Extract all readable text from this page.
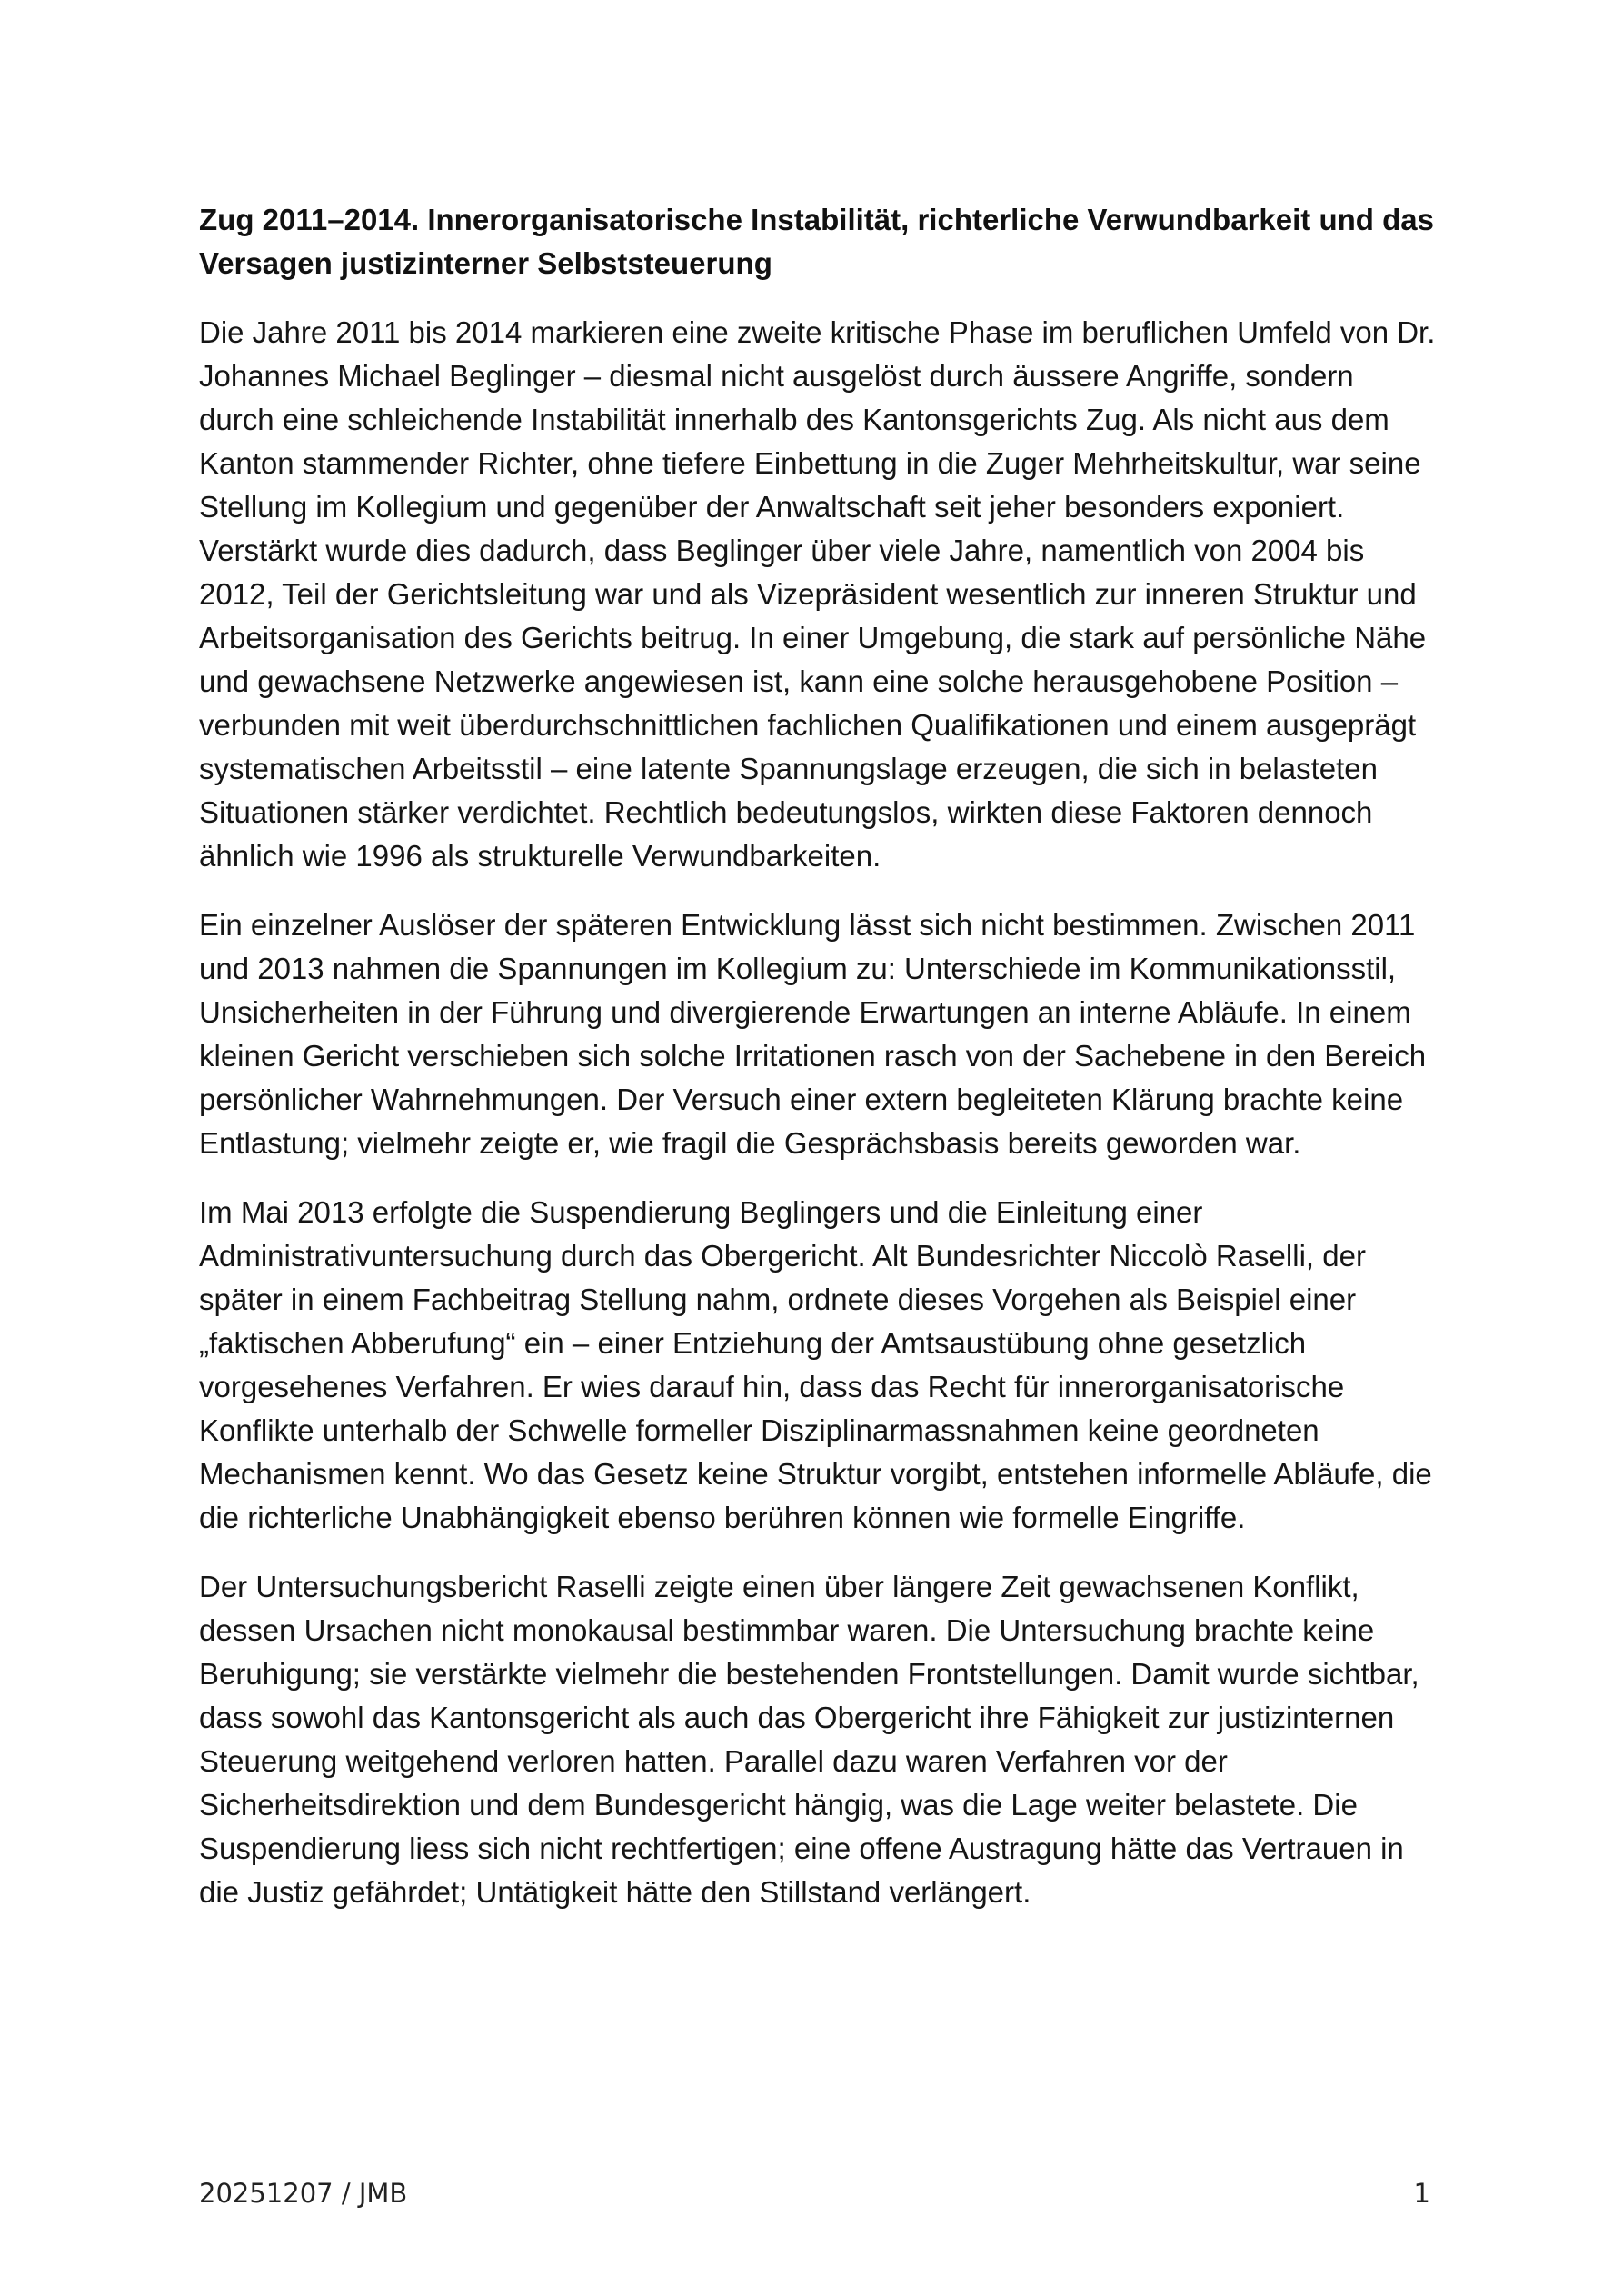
Zug 2011–2014. Innerorganisatorische Instabilität, richterliche Verwundbarkeit und das Versagen justizinterner Selbststeuerung

Die Jahre 2011 bis 2014 markieren eine zweite kritische Phase im beruflichen Umfeld von Dr. Johannes Michael Beglinger – diesmal nicht ausgelöst durch äussere Angriffe, sondern durch eine schleichende Instabilität innerhalb des Kantonsgerichts Zug. Als nicht aus dem Kanton stammender Richter, ohne tiefere Einbettung in die Zuger Mehrheitskultur, war seine Stellung im Kollegium und gegenüber der Anwaltschaft seit jeher besonders exponiert. Verstärkt wurde dies dadurch, dass Beglinger über viele Jahre, namentlich von 2004 bis 2012, Teil der Gerichtsleitung war und als Vizepräsident wesentlich zur inneren Struktur und Arbeitsorganisation des Gerichts beitrug. In einer Umgebung, die stark auf persönliche Nähe und gewachsene Netzwerke angewiesen ist, kann eine solche herausgehobene Position – verbunden mit weit überdurchschnittlichen fachlichen Qualifikationen und einem ausgeprägt systematischen Arbeitsstil – eine latente Spannungslage erzeugen, die sich in belasteten Situationen stärker verdichtet. Rechtlich bedeutungslos, wirkten diese Faktoren dennoch ähnlich wie 1996 als strukturelle Verwundbarkeiten.

Ein einzelner Auslöser der späteren Entwicklung lässt sich nicht bestimmen. Zwischen 2011 und 2013 nahmen die Spannungen im Kollegium zu: Unterschiede im Kommunikationsstil, Unsicherheiten in der Führung und divergierende Erwartungen an interne Abläufe. In einem kleinen Gericht verschieben sich solche Irritationen rasch von der Sachebene in den Bereich persönlicher Wahrnehmungen. Der Versuch einer extern begleiteten Klärung brachte keine Entlastung; vielmehr zeigte er, wie fragil die Gesprächsbasis bereits geworden war.

Im Mai 2013 erfolgte die Suspendierung Beglingers und die Einleitung einer Administrativuntersuchung durch das Obergericht. Alt Bundesrichter Niccolò Raselli, der später in einem Fachbeitrag Stellung nahm, ordnete dieses Vorgehen als Beispiel einer „faktischen Abberufung“ ein – einer Entziehung der Amtsaustübung ohne gesetzlich vorgesehenes Verfahren. Er wies darauf hin, dass das Recht für innerorganisatorische Konflikte unterhalb der Schwelle formeller Disziplinarmassnahmen keine geordneten Mechanismen kennt. Wo das Gesetz keine Struktur vorgibt, entstehen informelle Abläufe, die die richterliche Unabhängigkeit ebenso berühren können wie formelle Eingriffe.

Der Untersuchungsbericht Raselli zeigte einen über längere Zeit gewachsenen Konflikt, dessen Ursachen nicht monokausal bestimmbar waren. Die Untersuchung brachte keine Beruhigung; sie verstärkte vielmehr die bestehenden Frontstellungen. Damit wurde sichtbar, dass sowohl das Kantonsgericht als auch das Obergericht ihre Fähigkeit zur justizinternen Steuerung weitgehend verloren hatten. Parallel dazu waren Verfahren vor der Sicherheitsdirektion und dem Bundesgericht hängig, was die Lage weiter belastete. Die Suspendierung liess sich nicht rechtfertigen; eine offene Austragung hätte das Vertrauen in die Justiz gefährdet; Untätigkeit hätte den Stillstand verlängert.

20251207 / JMB	1
